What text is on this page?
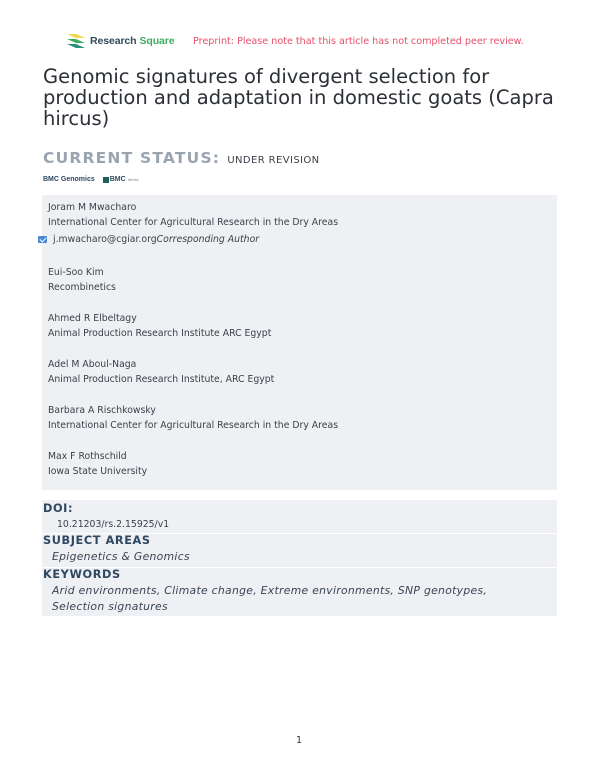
Research Square Preprint: Please note that this article has not completed peer review.
Genomic signatures of divergent selection for production and adaptation in domestic goats (Capra hircus)
CURRENT STATUS: UNDER REVISION
BMC Genomics BMC Series
Joram M Mwacharo
International Center for Agricultural Research in the Dry Areas
j.mwacharo@cgiar.org Corresponding Author
Eui-Soo Kim
Recombinetics
Ahmed R Elbeltagy
Animal Production Research Institute ARC Egypt
Adel M Aboul-Naga
Animal Production Research Institute, ARC Egypt
Barbara A Rischkowsky
International Center for Agricultural Research in the Dry Areas
Max F Rothschild
Iowa State University
DOI:
10.21203/rs.2.15925/v1
SUBJECT AREAS
Epigenetics & Genomics
KEYWORDS
Arid environments, Climate change, Extreme environments, SNP genotypes,
Selection signatures
1
